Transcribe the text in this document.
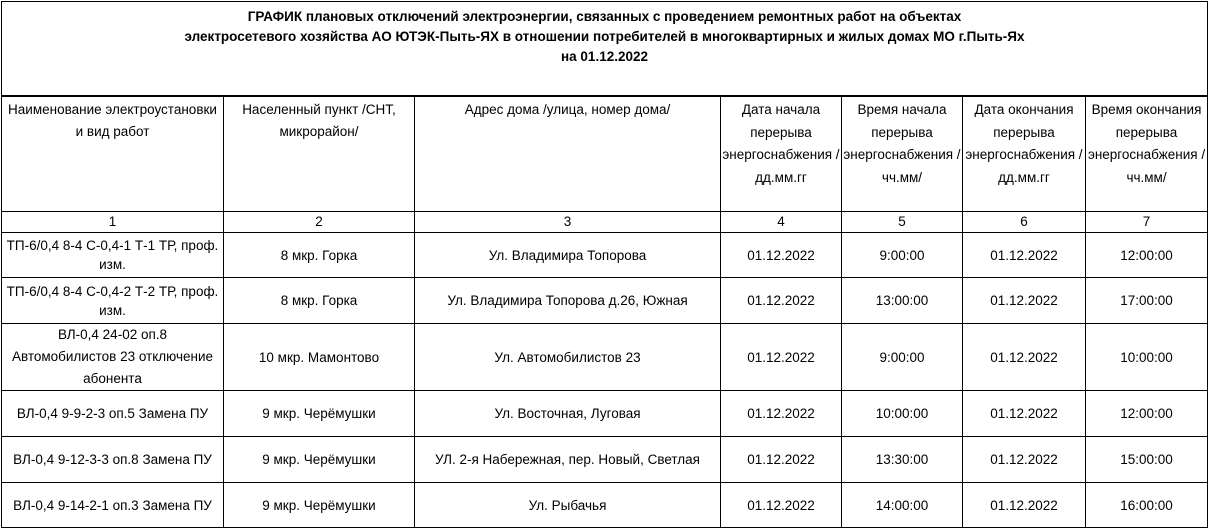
ГРАФИК плановых отключений электроэнергии, связанных с проведением ремонтных работ на объектах
электросетевого хозяйства АО ЮТЭК-Пыть-ЯХ в отношении потребителей в многоквартирных и жилых домах МО г.Пыть-Ях
на 01.12.2022						

Наименование электроустановки и вид работ	Населенный пункт /СНТ, микрорайон/	Адрес дома /улица, номер дома/	Дата начала перерыва энергоснабжения /дд.мм.гг	Время начала перерыва энергоснабжения /чч.мм/	Дата окончания перерыва энергоснабжения /дд.мм.гг	Время окончания перерыва энергоснабжения /чч.мм/
1	2	3	4	5	6	7
ТП-6/0,4 8-4 С-0,4-1 Т-1 ТР, проф. изм.	8 мкр. Горка	Ул. Владимира Топорова	01.12.2022	9:00:00	01.12.2022	12:00:00
ТП-6/0,4 8-4 С-0,4-2 Т-2 ТР, проф. изм.	8 мкр. Горка	Ул. Владимира Топорова д.26, Южная	01.12.2022	13:00:00	01.12.2022	17:00:00
ВЛ-0,4 24-02 оп.8 Автомобилистов 23 отключение абонента	10 мкр. Мамонтово	Ул. Автомобилистов 23	01.12.2022	9:00:00	01.12.2022	10:00:00
ВЛ-0,4 9-9-2-3 оп.5 Замена ПУ	9 мкр. Черёмушки	Ул. Восточная, Луговая	01.12.2022	10:00:00	01.12.2022	12:00:00
ВЛ-0,4 9-12-3-3 оп.8 Замена ПУ	9 мкр. Черёмушки	УЛ. 2-я Набережная, пер. Новый, Светлая	01.12.2022	13:30:00	01.12.2022	15:00:00
ВЛ-0,4 9-14-2-1 оп.3 Замена ПУ	9 мкр. Черёмушки	Ул. Рыбачья	01.12.2022	14:00:00	01.12.2022	16:00:00
